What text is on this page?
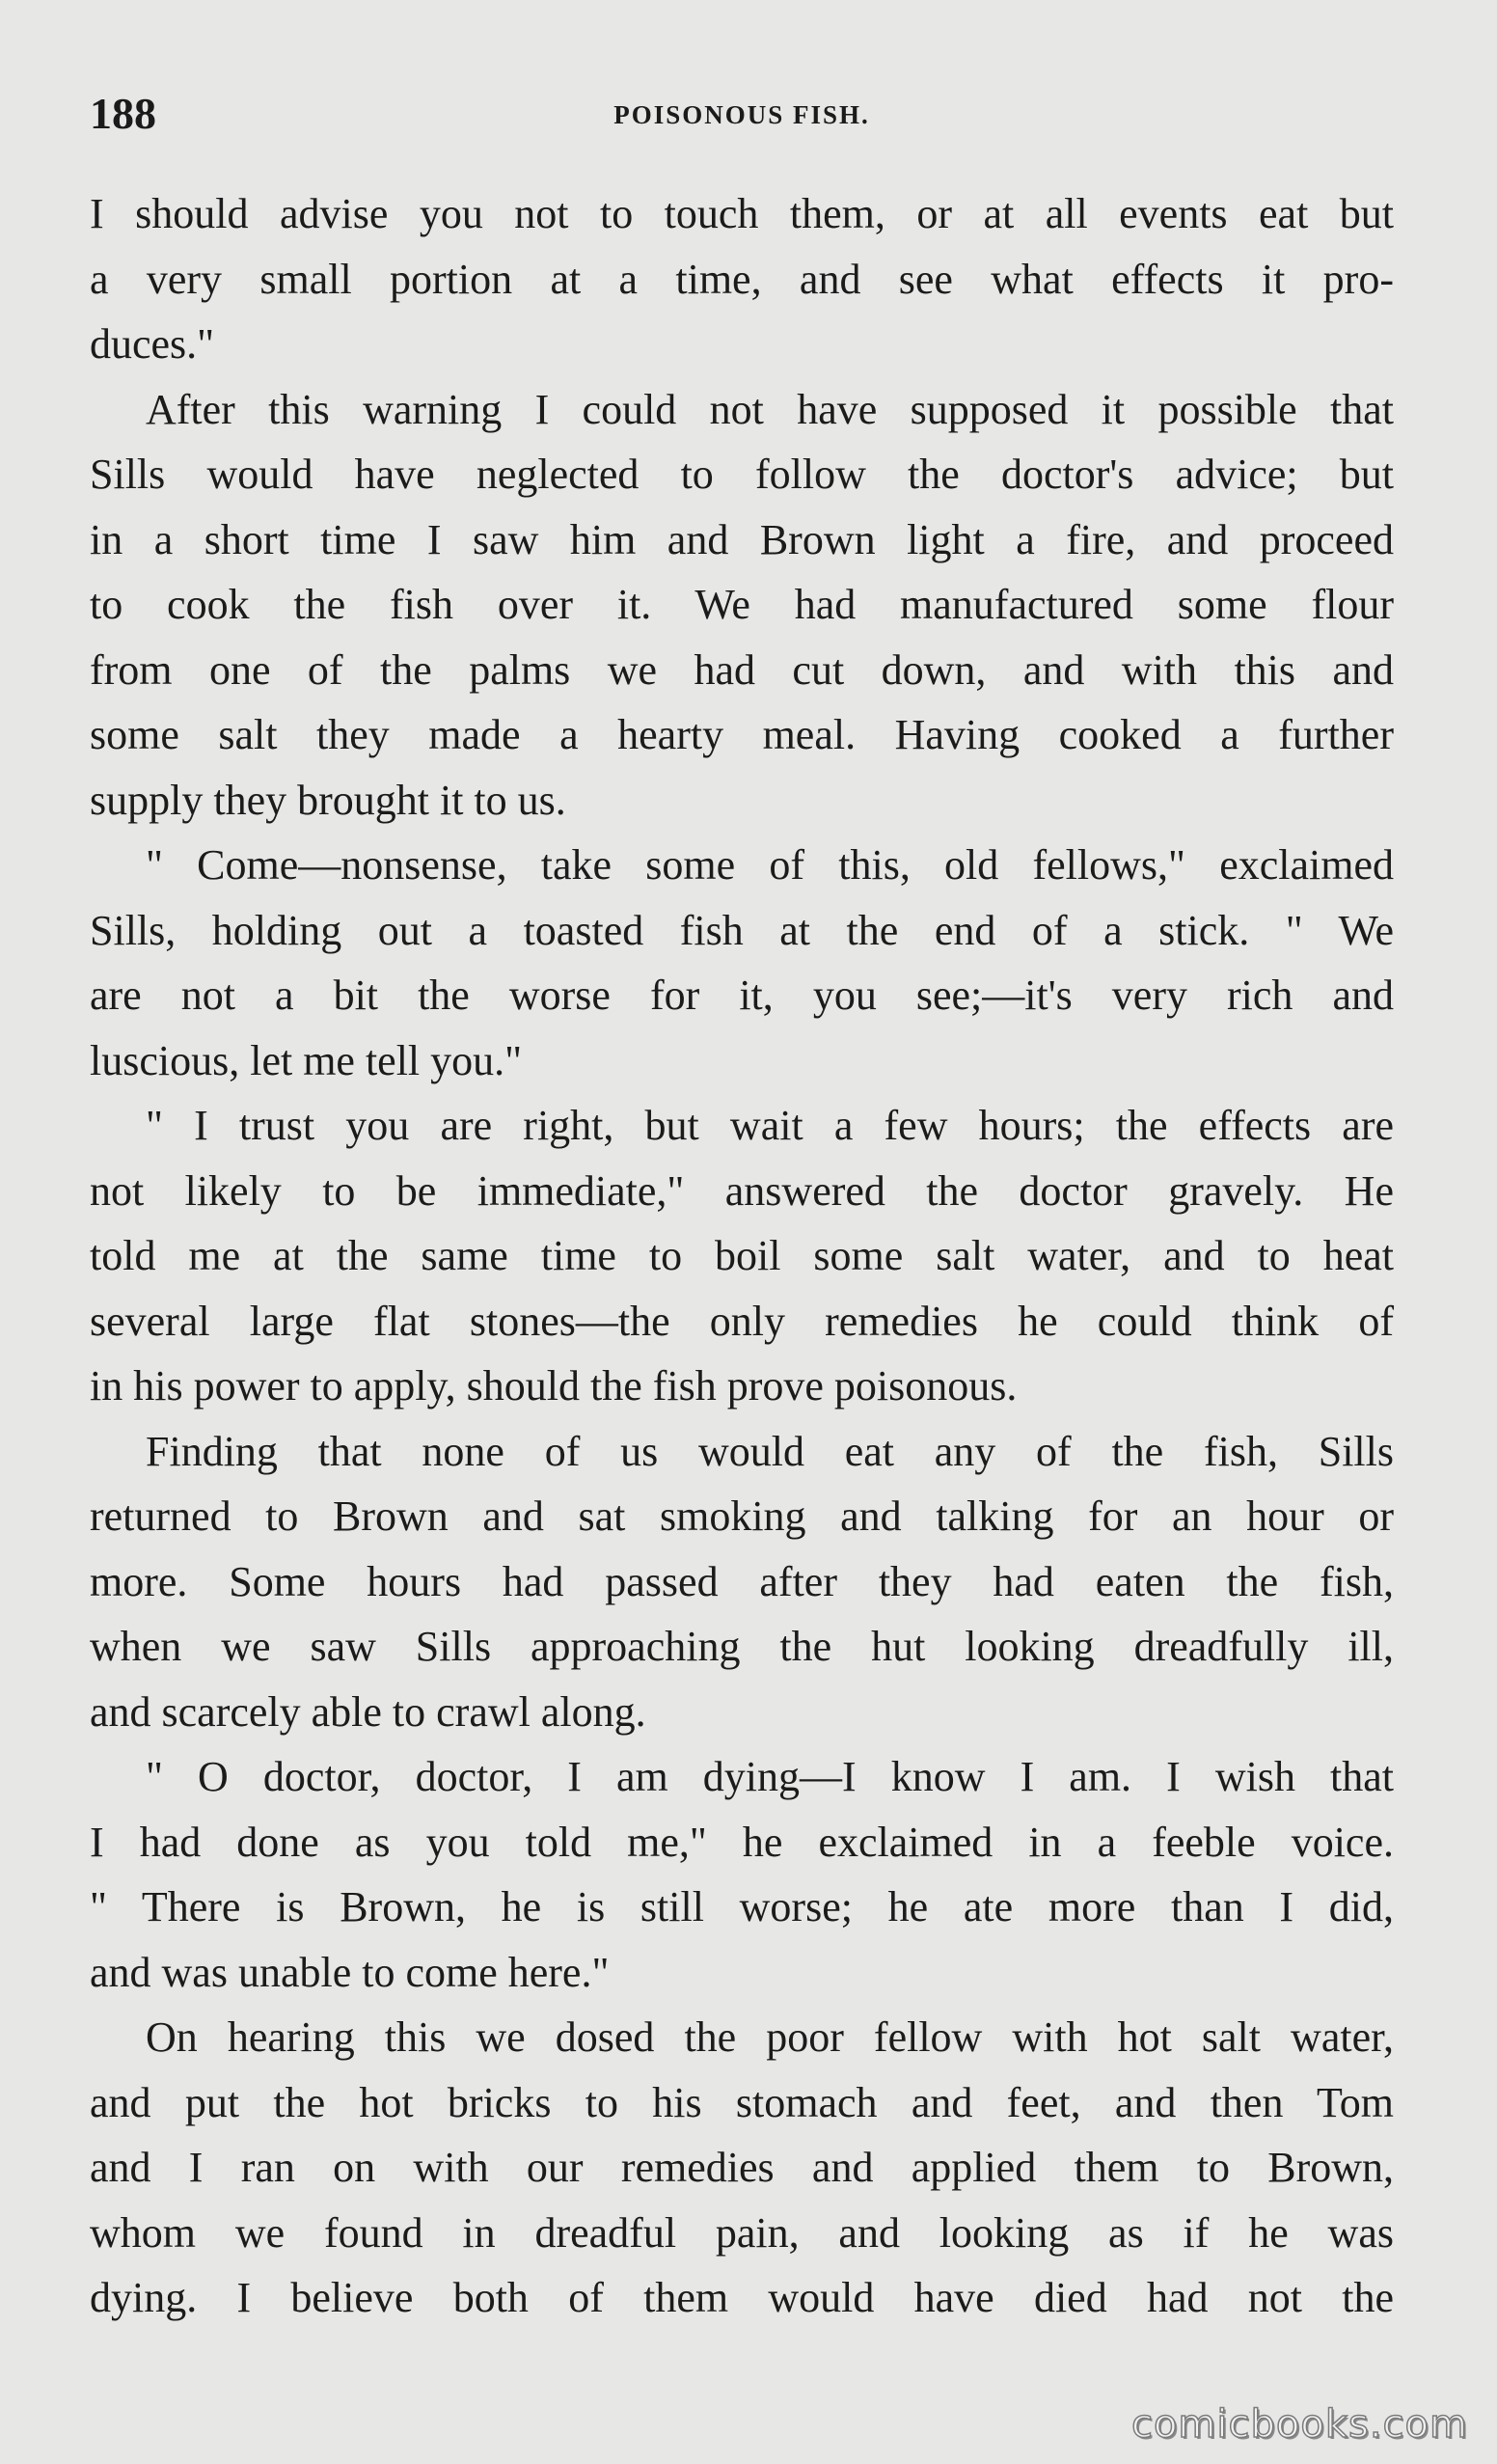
188	POISONOUS FISH.
I should advise you not to touch them, or at all events eat but
a very small portion at a time, and see what effects it pro-
duces."
After this warning I could not have supposed it possible that
Sills would have neglected to follow the doctor's advice; but
in a short time I saw him and Brown light a fire, and proceed
to cook the fish over it. We had manufactured some flour
from one of the palms we had cut down, and with this and
some salt they made a hearty meal. Having cooked a further
supply they brought it to us.
" Come—nonsense, take some of this, old fellows," exclaimed
Sills, holding out a toasted fish at the end of a stick. " We
are not a bit the worse for it, you see;—it's very rich and
luscious, let me tell you."
" I trust you are right, but wait a few hours; the effects are
not likely to be immediate," answered the doctor gravely. He
told me at the same time to boil some salt water, and to heat
several large flat stones—the only remedies he could think of
in his power to apply, should the fish prove poisonous.
Finding that none of us would eat any of the fish, Sills
returned to Brown and sat smoking and talking for an hour or
more. Some hours had passed after they had eaten the fish,
when we saw Sills approaching the hut looking dreadfully ill,
and scarcely able to crawl along.
" O doctor, doctor, I am dying—I know I am. I wish that
I had done as you told me," he exclaimed in a feeble voice.
" There is Brown, he is still worse; he ate more than I did,
and was unable to come here."
On hearing this we dosed the poor fellow with hot salt water,
and put the hot bricks to his stomach and feet, and then Tom
and I ran on with our remedies and applied them to Brown,
whom we found in dreadful pain, and looking as if he was
dying. I believe both of them would have died had not the
comicbooks.com
